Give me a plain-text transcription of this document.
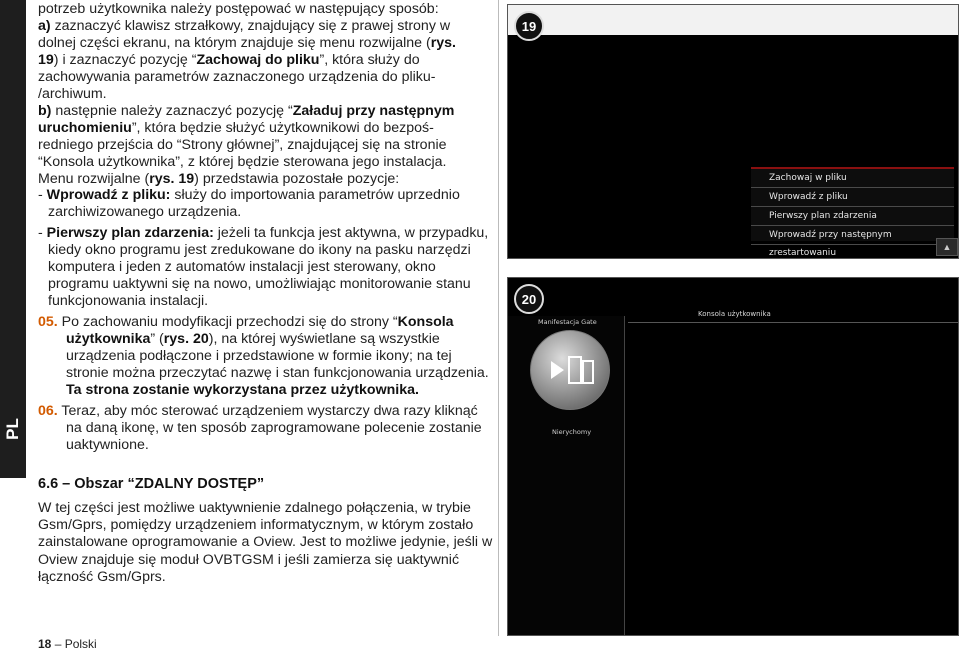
PL

potrzeb użytkownika należy postępować w następujący sposób:

a) zaznaczyć klawisz strzałkowy, znajdujący się z prawej strony w

dolnej części ekranu, na którym znajduje się menu rozwijalne (rys.

19) i zaznaczyć pozycję “Zachowaj do pliku”, która służy do

zachowywania parametrów zaznaczonego urządzenia do pliku-

/archiwum.

b) następnie należy zaznaczyć pozycję “Załaduj przy następnym

uruchomieniu”, która będzie służyć użytkownikowi do bezpoś-

redniego przejścia do “Strony głównej”, znajdującej się na stronie

“Konsola użytkownika”, z której będzie sterowana jego instalacja.

Menu rozwijalne (rys. 19) przedstawia pozostałe pozycje:

- Wprowadź z pliku: służy do importowania parametrów uprzednio zarchiwizowanego urządzenia.

- Pierwszy plan zdarzenia: jeżeli ta funkcja jest aktywna, w przypadku, kiedy okno programu jest zredukowane do ikony na pasku narzędzi komputera i jeden z automatów instalacji jest sterowany, okno programu uaktywni się na nowo, umożliwiając monitorowanie stanu funkcjonowania instalacji.

05. Po zachowaniu modyfikacji przechodzi się do strony “Konsola użytkownika” (rys. 20), na której wyświetlane są wszystkie urządzenia podłączone i przedstawione w formie ikony; na tej stronie można przeczytać nazwę i stan funkcjonowania urządzenia. Ta strona zostanie wykorzystana przez użytkownika.

06. Teraz, aby móc sterować urządzeniem wystarczy dwa razy kliknąć na daną ikonę, w ten sposób zaprogramowane polecenie zostanie uaktywnione.

6.6 – Obszar “ZDALNY DOSTĘP”
W tej części jest możliwe uaktywnienie zdalnego połączenia, w trybie Gsm/Gprs, pomiędzy urządzeniem informatycznym, w którym zostało zainstalowane oprogramowanie a Oview. Jest to możliwe jedynie, jeśli w Oview znajduje się moduł OVBTGSM i jeśli zamierza się uaktywnić łączność Gsm/Gprs.
18 – Polski
19
Zachowaj w pliku
Wprowadź z pliku
Pierwszy plan zdarzenia
Wprowadź przy następnym zrestartowaniu
▲
20
Konsola użytkownika
Manifestacja Gate
Nierychomy
